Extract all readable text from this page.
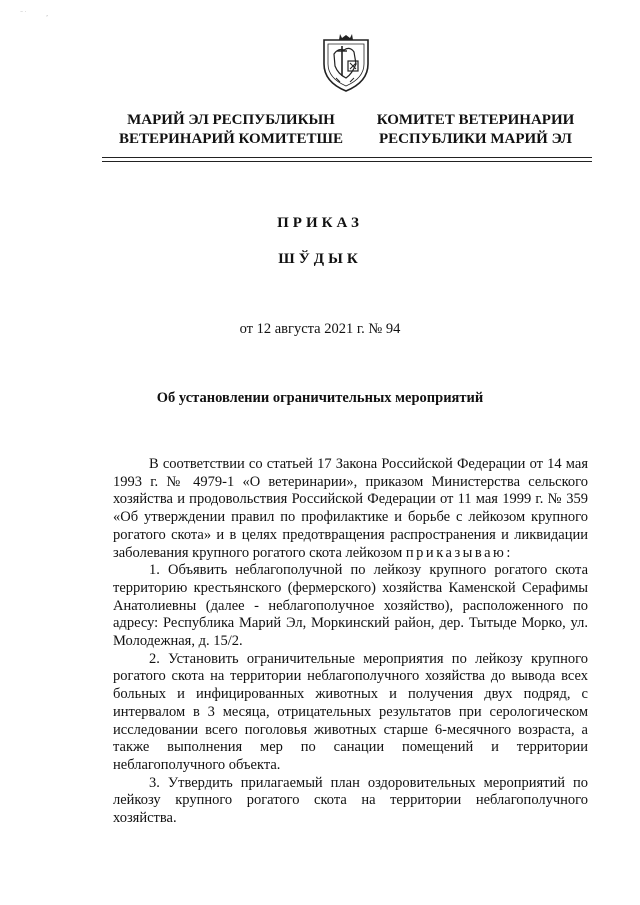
⁻ ˙
ʼ
МАРИЙ ЭЛ РЕСПУБЛИКЫН
ВЕТЕРИНАРИЙ КОМИТЕТШЕ
КОМИТЕТ ВЕТЕРИНАРИИ
РЕСПУБЛИКИ МАРИЙ ЭЛ
ПРИКАЗ
ШЎДЫК
от 12 августа 2021 г. № 94
Об установлении ограничительных мероприятий

В соответствии со статьей 17 Закона Российской Федерации от 14 мая 1993 г. № 4979-1 «О ветеринарии», приказом Министерства сельского хозяйства и продовольствия Российской Федерации от 11 мая 1999 г. № 359 «Об утверждении правил по профилактике и борьбе с лейкозом крупного рогатого скота» и в целях предотвращения распространения и ликвидации заболевания крупного рогатого скота лейкозом приказываю:

1. Объявить неблагополучной по лейкозу крупного рогатого скота территорию крестьянского (фермерского) хозяйства Каменской Серафимы Анатолиевны (далее - неблагополучное хозяйство), расположенного по адресу: Республика Марий Эл, Моркинский район, дер. Тытыде Морко, ул. Молодежная, д. 15/2.

2. Установить ограничительные мероприятия по лейкозу крупного рогатого скота на территории неблагополучного хозяйства до вывода всех больных и инфицированных животных и получения двух подряд, с интервалом в 3 месяца, отрицательных результатов при серологическом исследовании всего поголовья животных старше 6-месячного возраста, а также выполнения мер по санации помещений и территории неблагополучного объекта.

3. Утвердить прилагаемый план оздоровительных мероприятий по лейкозу крупного рогатого скота на территории неблагополучного хозяйства.
